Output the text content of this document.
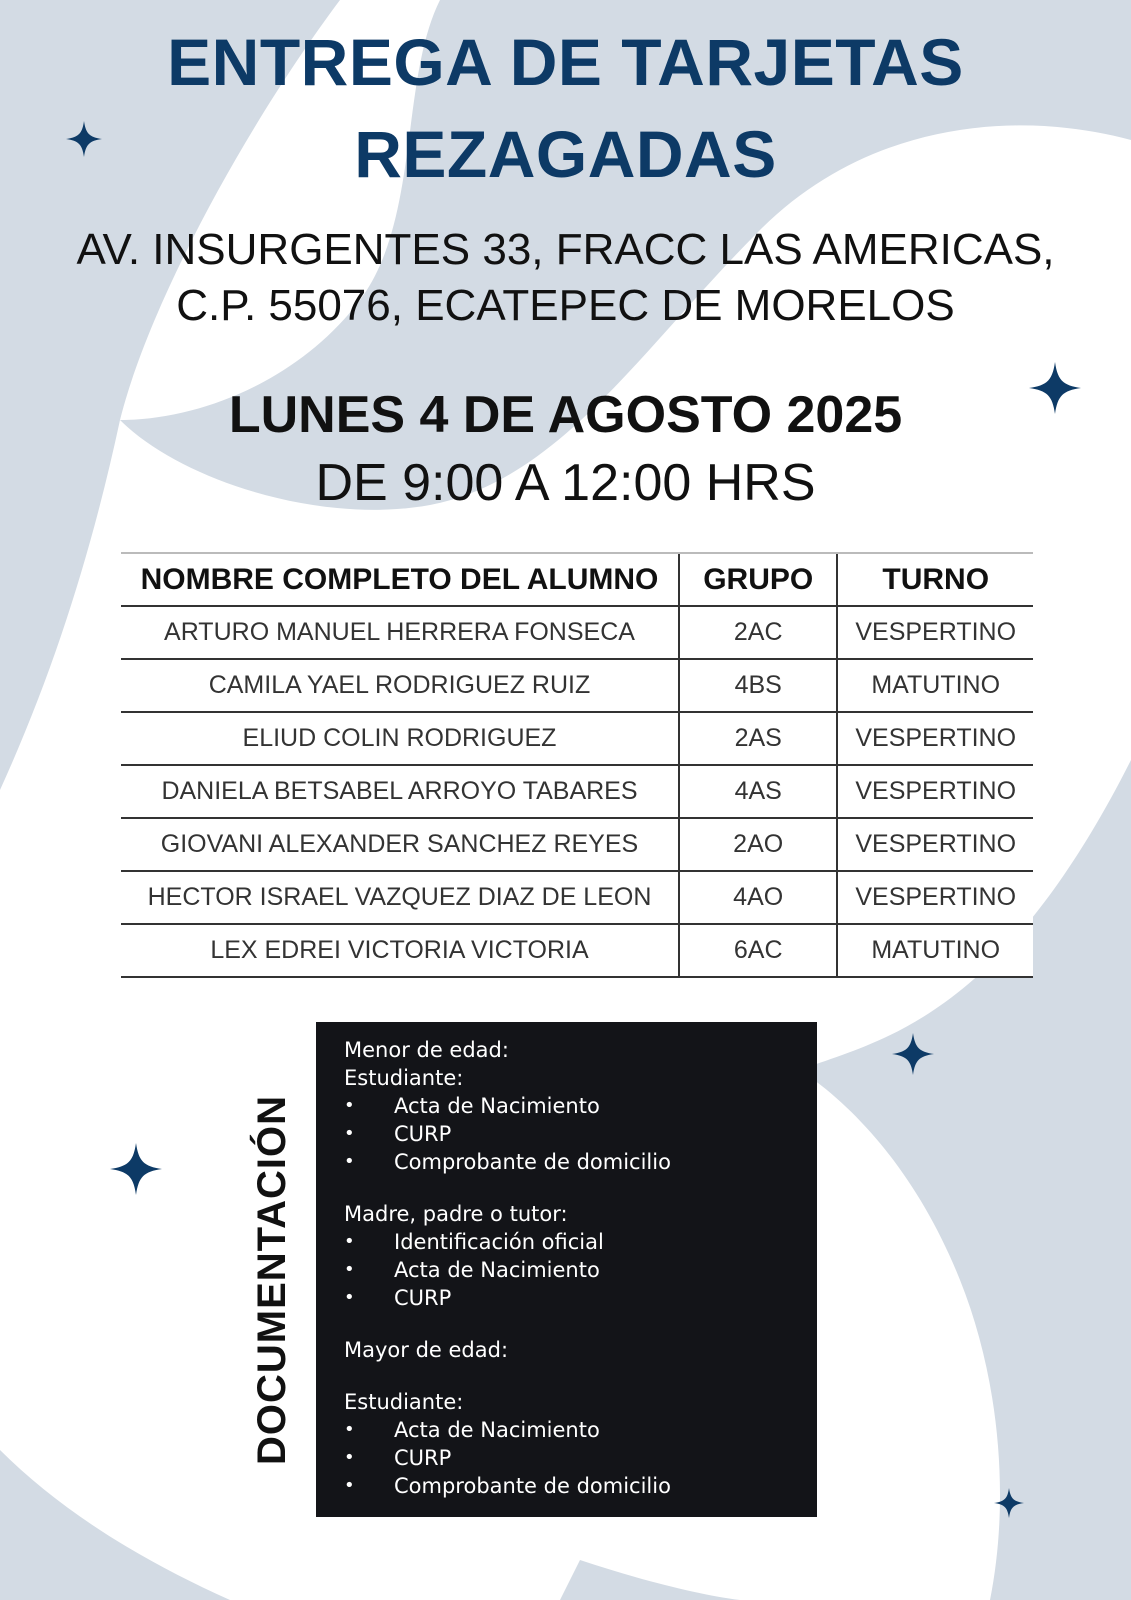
ENTREGA DE TARJETAS
REZAGADAS
AV. INSURGENTES 33, FRACC LAS AMERICAS,
C.P. 55076, ECATEPEC DE MORELOS
LUNES 4 DE AGOSTO 2025
DE 9:00 A 12:00 HRS
NOMBRE COMPLETO DEL ALUMNO	GRUPO	TURNO
ARTURO MANUEL HERRERA FONSECA	2AC	VESPERTINO
CAMILA YAEL RODRIGUEZ RUIZ	4BS	MATUTINO
ELIUD COLIN RODRIGUEZ	2AS	VESPERTINO
DANIELA BETSABEL ARROYO TABARES	4AS	VESPERTINO
GIOVANI ALEXANDER SANCHEZ REYES	2AO	VESPERTINO
HECTOR ISRAEL VAZQUEZ DIAZ DE LEON	4AO	VESPERTINO
LEX EDREI VICTORIA VICTORIA	6AC	MATUTINO
DOCUMENTACIÓN

Menor de edad:

Estudiante:

• Acta de Nacimiento
• CURP
• Comprobante de domicilio

Madre, padre o tutor:

• Identificación oficial
• Acta de Nacimiento
• CURP

Mayor de edad:

Estudiante:

• Acta de Nacimiento
• CURP
• Comprobante de domicilio
